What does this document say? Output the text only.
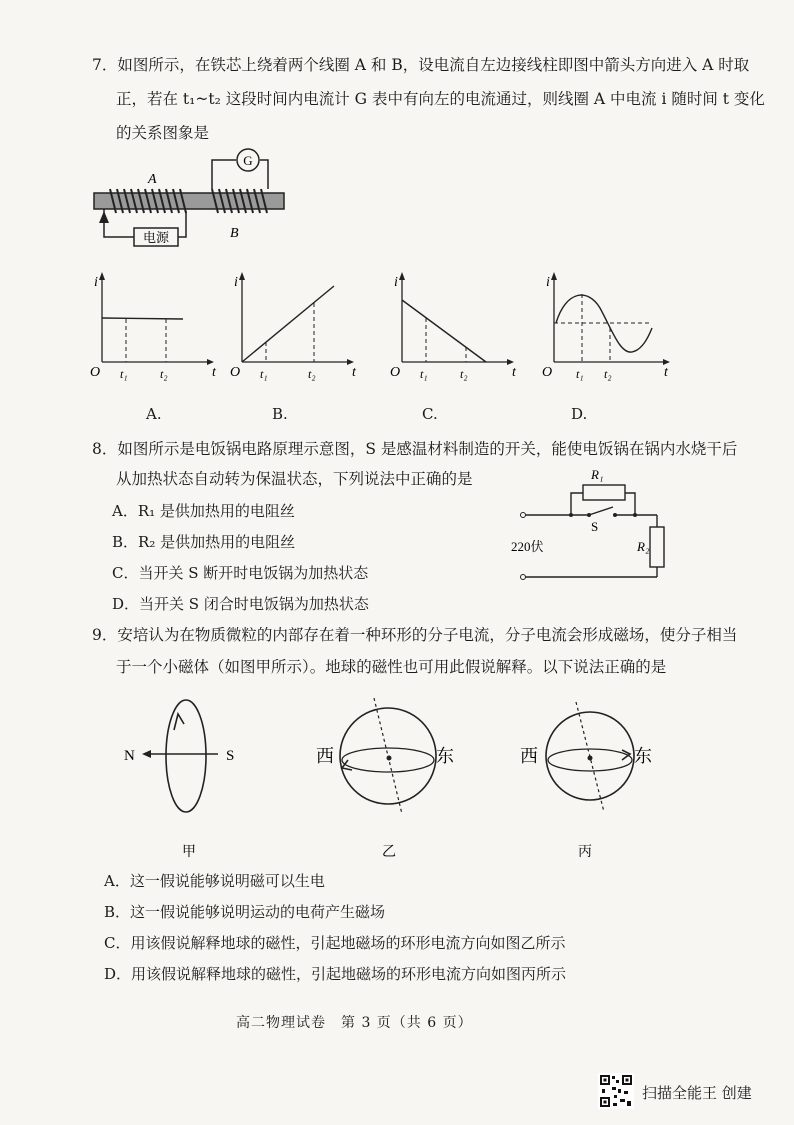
7．如图所示，在铁芯上绕着两个线圈 A 和 B，设电流自左边接线柱即图中箭头方向进入 A 时取
正，若在 t₁~t₂ 这段时间内电流计 G 表中有向左的电流通过，则线圈 A 中电流 i 随时间 t 变化
的关系图象是
电源
G
A
B
i
t
O t₁	t₂
i
t
O t₁	t₂
i
t
O t₁	t₂
i
t
O t₁ t₂
A.	B.	C.	D.
8．如图所示是电饭锅电路原理示意图，S 是感温材料制造的开关，能使电饭锅在锅内水烧干后
从加热状态自动转为保温状态，下列说法中正确的是
A．R₁ 是供加热用的电阻丝
B．R₂ 是供加热用的电阻丝
C．当开关 S 断开时电饭锅为加热状态
D．当开关 S 闭合时电饭锅为加热状态
R₁
S
R₂
220伏
9．安培认为在物质微粒的内部存在着一种环形的分子电流，分子电流会形成磁场，使分子相当
于一个小磁体（如图甲所示）。地球的磁性也可用此假说解释。以下说法正确的是
N	S
甲
西	东
乙
西	东
丙
A．这一假说能够说明磁可以生电
B．这一假说能够说明运动的电荷产生磁场
C．用该假说解释地球的磁性，引起地磁场的环形电流方向如图乙所示
D．用该假说解释地球的磁性，引起地磁场的环形电流方向如图丙所示
高二物理试卷　第 3 页（共 6 页）
扫描全能王 创建
